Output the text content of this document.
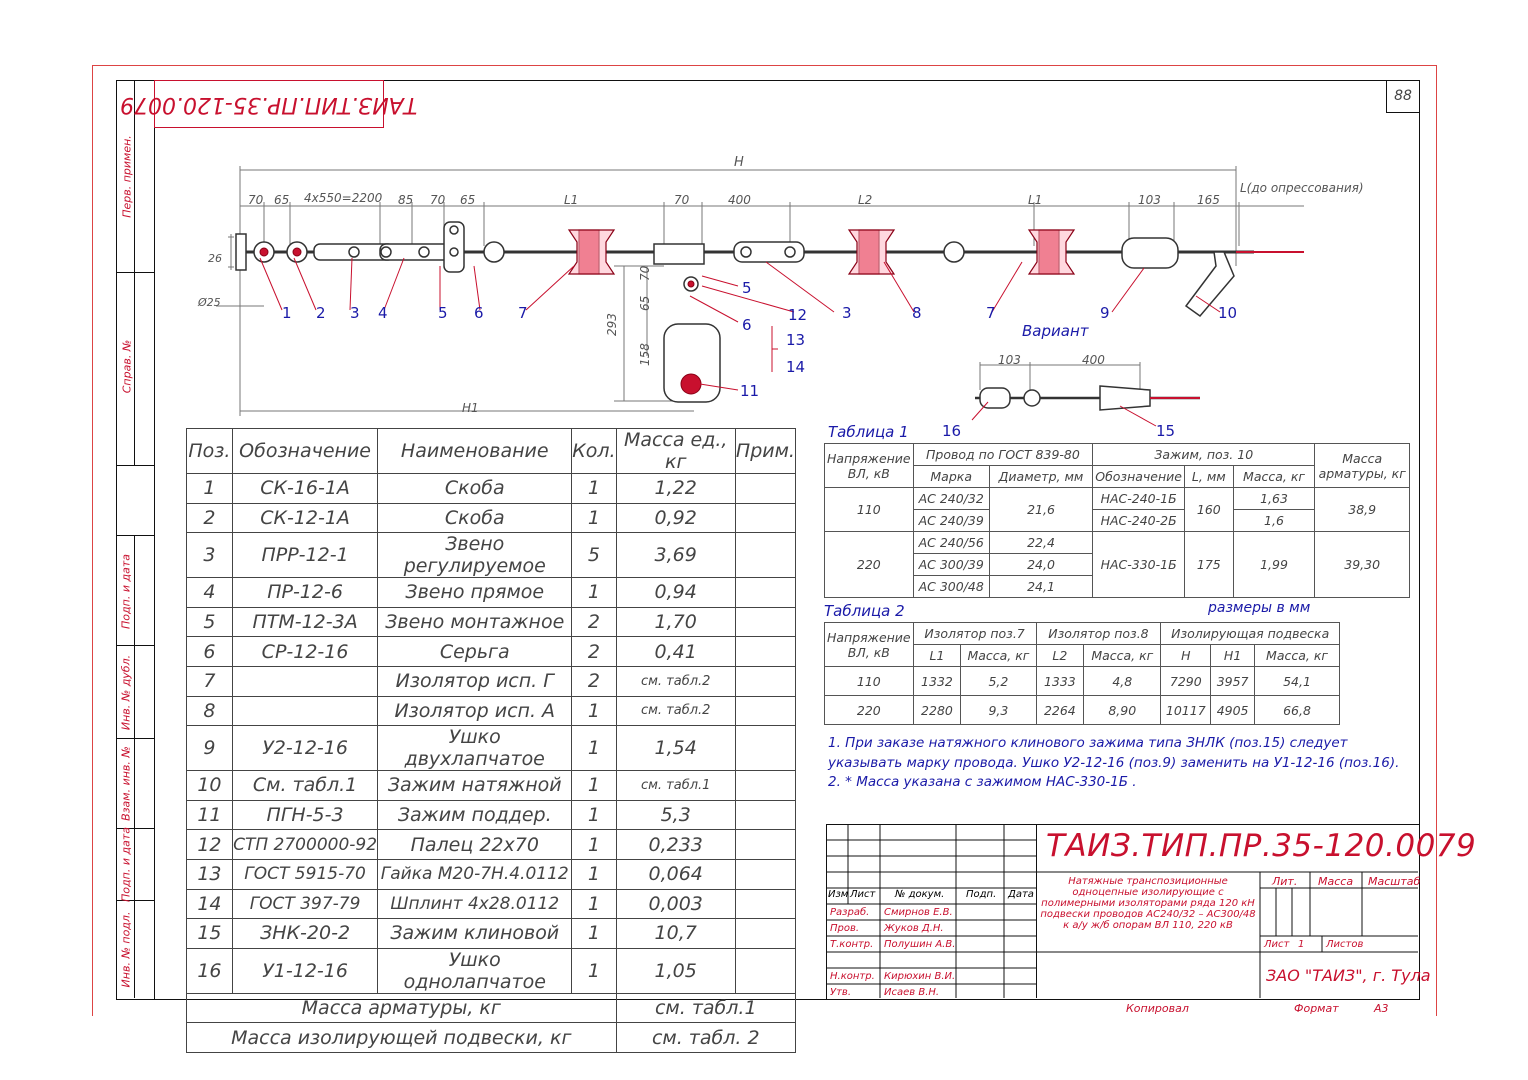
Перв. примен.
Справ. №
Подп. и дата
Инв. № дубл.
Взам. инв. №
Подп. и дата
Инв. № подл.
ТАИЗ.ТИП.ПР.35-120.0079	88
H
70 65 4x550=2200 85 70 65	L1	70	400	L2	L1	103	165
L(до опрессования)
26
Ø25
293
158
65
70
H1
1 2 3 4	5 6 7
5
12
6
3	8	7	9	10
13
14
11
Вариант
103	400
16	15
Поз.	Обозначение	Наименование	Кол.	Масса ед., кг	Прим.
1	СК-16-1А	Скоба	1	1,22	
2	СК-12-1А	Скоба	1	0,92	
3	ПРР-12-1	Звено регулируемое	5	3,69	
4	ПР-12-6	Звено прямое	1	0,94	
5	ПТМ-12-3А	Звено монтажное	2	1,70	
6	СР-12-16	Серьга	2	0,41	
7		Изолятор исп. Г	2	см. табл.2	
8		Изолятор исп. А	1	см. табл.2	
9	У2-12-16	Ушко двухлапчатое	1	1,54	
10	См. табл.1	Зажим натяжной	1	см. табл.1	
11	ПГН-5-3	Зажим поддер.	1	5,3	
12	СТП 2700000-92	Палец 22х70	1	0,233	
13	ГОСТ 5915-70	Гайка М20-7Н.4.0112	1	0,064	
14	ГОСТ 397-79	Шплинт 4х28.0112	1	0,003	
15	ЗНК-20-2	Зажим клиновой	1	10,7	
16	У1-12-16	Ушко однолапчатое	1	1,05	
Масса арматуры, кг				см. табл.1	
Масса изолирующей подвески, кг				см. табл. 2	
Таблица 1
Напряжение ВЛ, кВ	Провод по ГОСТ 839-80		Зажим, поз. 10			Масса арматуры, кг
	Марка	Диаметр, мм	Обозначение	L, мм	Масса, кг	
110	АС 240/32	21,6	НАС-240-1Б	160	1,63	38,9
	АС 240/39		НАС-240-2Б		1,6	
220	АС 240/56	22,4	НАС-330-1Б	175	1,99	39,30
	АС 300/39	24,0				
	АС 300/48	24,1				
Таблица 2	размеры в мм
Напряжение ВЛ, кВ	Изолятор поз.7		Изолятор поз.8		Изолирующая подвеска		
	L1	Масса, кг	L2	Масса, кг	H	H1	Масса, кг
110	1332	5,2	1333	4,8	7290	3957	54,1
220	2280	9,3	2264	8,90	10117	4905	66,8
1. При заказе натяжного клинового зажима типа ЗНЛК (поз.15) следует
указывать марку провода. Ушко У2-12-16 (поз.9) заменить на У1-12-16 (поз.16).
2. * Масса указана с зажимом НАС-330-1Б .
Изм Лист № докум. Подп. Дата
Разраб. Смирнов Е.В.
Пров. Жуков Д.Н.
Т.контр. Полушин А.В.
Н.контр. Кирюхин В.И.
Утв.	Исаев В.Н.
ТАИЗ.ТИП.ПР.35-120.0079
Натяжные транспозиционные одноцепные изолирующие с полимерными изоляторами ряда 120 кН подвески проводов АС240/32 – АС300/48 к а/у ж/б опорам ВЛ 110, 220 кВ
Лит. Масса Масштаб
Лист 1 Листов
ЗАО "ТАИЗ", г. Тула
Копировал	Формат	А3
